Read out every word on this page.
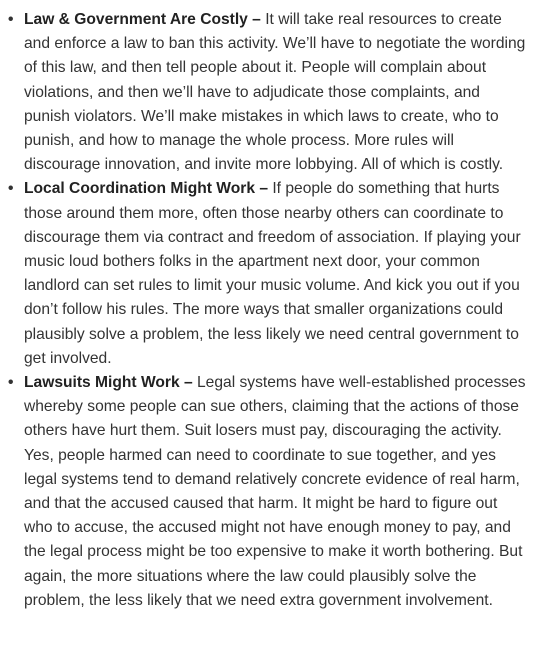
• Law & Government Are Costly – It will take real resources to create and enforce a law to ban this activity. We’ll have to negotiate the wording of this law, and then tell people about it. People will complain about violations, and then we’ll have to adjudicate those complaints, and punish violators. We’ll make mistakes in which laws to create, who to punish, and how to manage the whole process. More rules will discourage innovation, and invite more lobbying. All of which is costly.
• Local Coordination Might Work – If people do something that hurts those around them more, often those nearby others can coordinate to discourage them via contract and freedom of association. If playing your music loud bothers folks in the apartment next door, your common landlord can set rules to limit your music volume. And kick you out if you don’t follow his rules. The more ways that smaller organizations could plausibly solve a problem, the less likely we need central government to get involved.
• Lawsuits Might Work – Legal systems have well-established processes whereby some people can sue others, claiming that the actions of those others have hurt them. Suit losers must pay, discouraging the activity. Yes, people harmed can need to coordinate to sue together, and yes legal systems tend to demand relatively concrete evidence of real harm, and that the accused caused that harm. It might be hard to figure out who to accuse, the accused might not have enough money to pay, and the legal process might be too expensive to make it worth bothering. But again, the more situations where the law could plausibly solve the problem, the less likely that we need extra government involvement.
